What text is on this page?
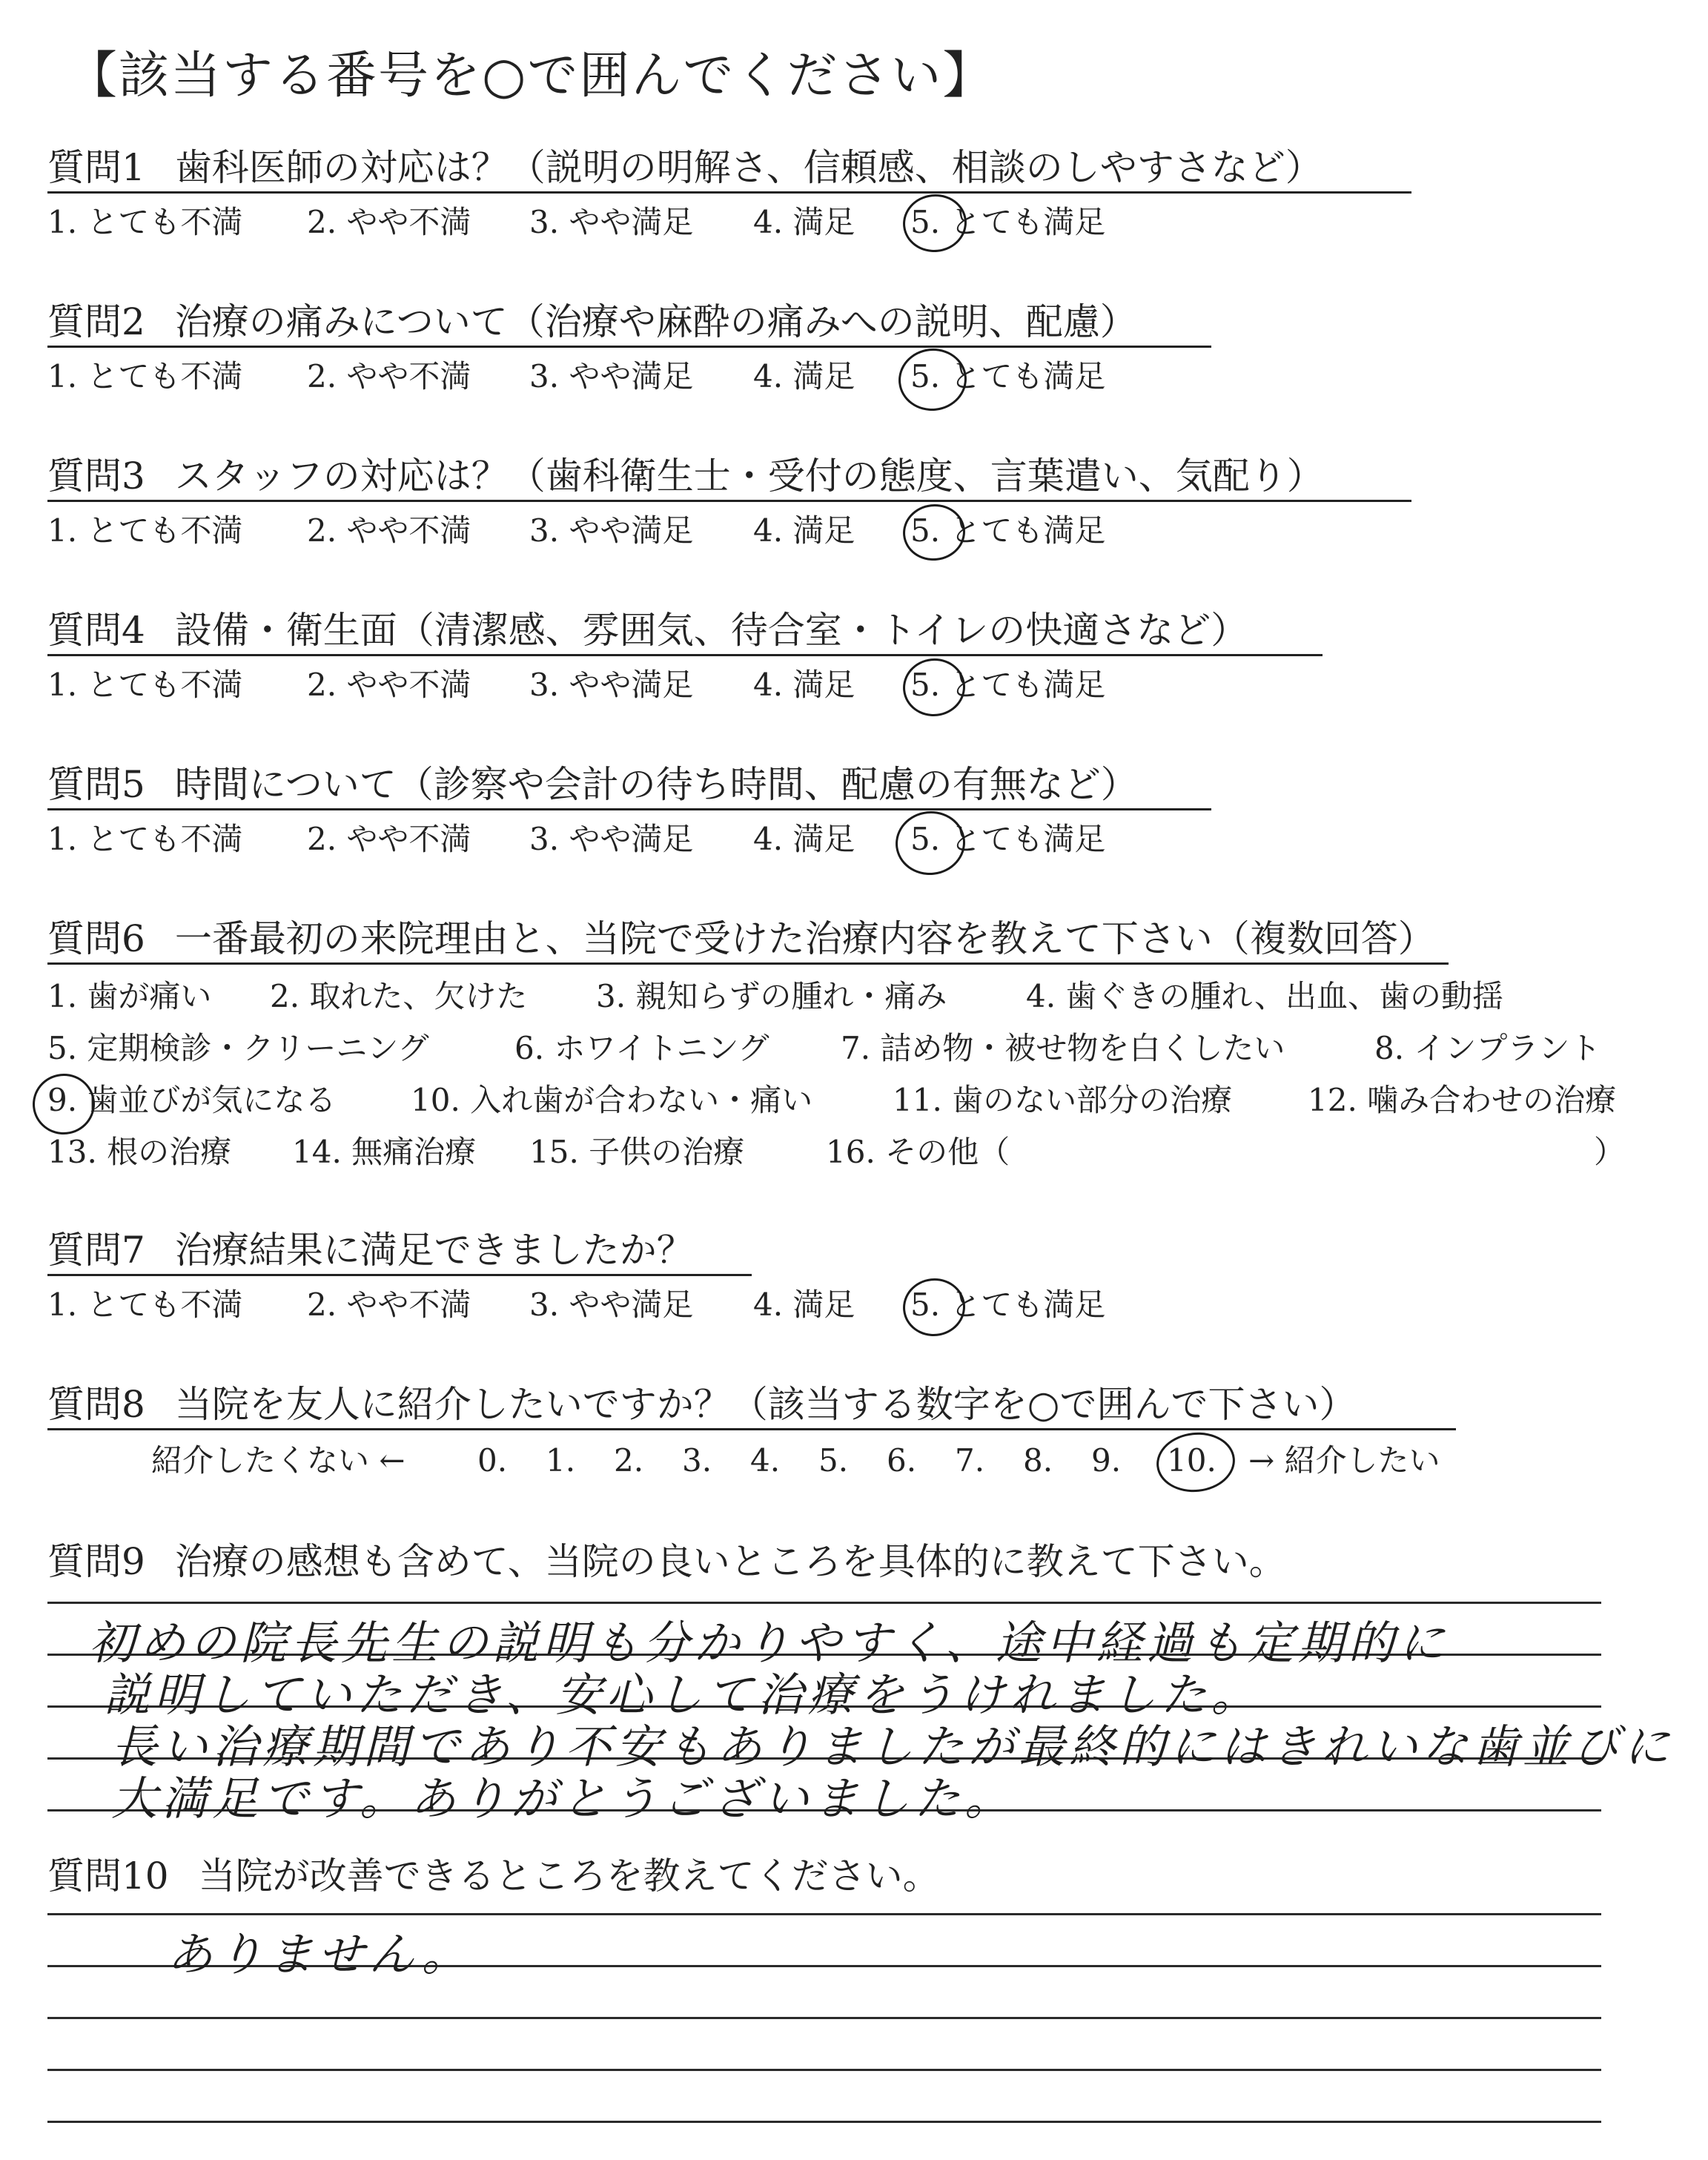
【該当する番号を○で囲んでください】
質問1 歯科医師の対応は？（説明の明解さ、信頼感、相談のしやすさなど）
1. とても不満 2. やや不満 3. やや満足 4. 満足 5. とても満足
質問2 治療の痛みについて（治療や麻酔の痛みへの説明、配慮）
1. とても不満 2. やや不満 3. やや満足 4. 満足 5. とても満足
質問3 スタッフの対応は？（歯科衛生士・受付の態度、言葉遣い、気配り）
1. とても不満 2. やや不満 3. やや満足 4. 満足 5. とても満足
質問4 設備・衛生面（清潔感、雰囲気、待合室・トイレの快適さなど）
1. とても不満 2. やや不満 3. やや満足 4. 満足 5. とても満足
質問5 時間について（診察や会計の待ち時間、配慮の有無など）
1. とても不満 2. やや不満 3. やや満足 4. 満足 5. とても満足
質問6 一番最初の来院理由と、当院で受けた治療内容を教えて下さい（複数回答）
1. 歯が痛い 2. 取れた、欠けた 3. 親知らずの腫れ・痛み	4. 歯ぐきの腫れ、出血、歯の動揺
5. 定期検診・クリーニング	6. ホワイトニング 7. 詰め物・被せ物を白くしたい	8. インプラント
9. 歯並びが気になる 10. 入れ歯が合わない・痛い	11. 歯のない部分の治療 12. 噛み合わせの治療
13. 根の治療 14. 無痛治療 15. 子供の治療	16. その他（	）
質問7 治療結果に満足できましたか？
1. とても不満 2. やや不満 3. やや満足 4. 満足 5. とても満足
質問8 当院を友人に紹介したいですか？（該当する数字を○で囲んで下さい）
紹介したくない ← 0. 1. 2. 3. 4. 5. 6. 7. 8. 9. 10. → 紹介したい
質問9 治療の感想も含めて、当院の良いところを具体的に教えて下さい。
初めの院長先生の説明も分かりやすく、途中経過も定期的に
説明していただき、安心して治療をうけれました。
長い治療期間であり不安もありましたが最終的にはきれいな歯並びに
大満足です。ありがとうございました。
質問10 当院が改善できるところを教えてください。
ありません。
